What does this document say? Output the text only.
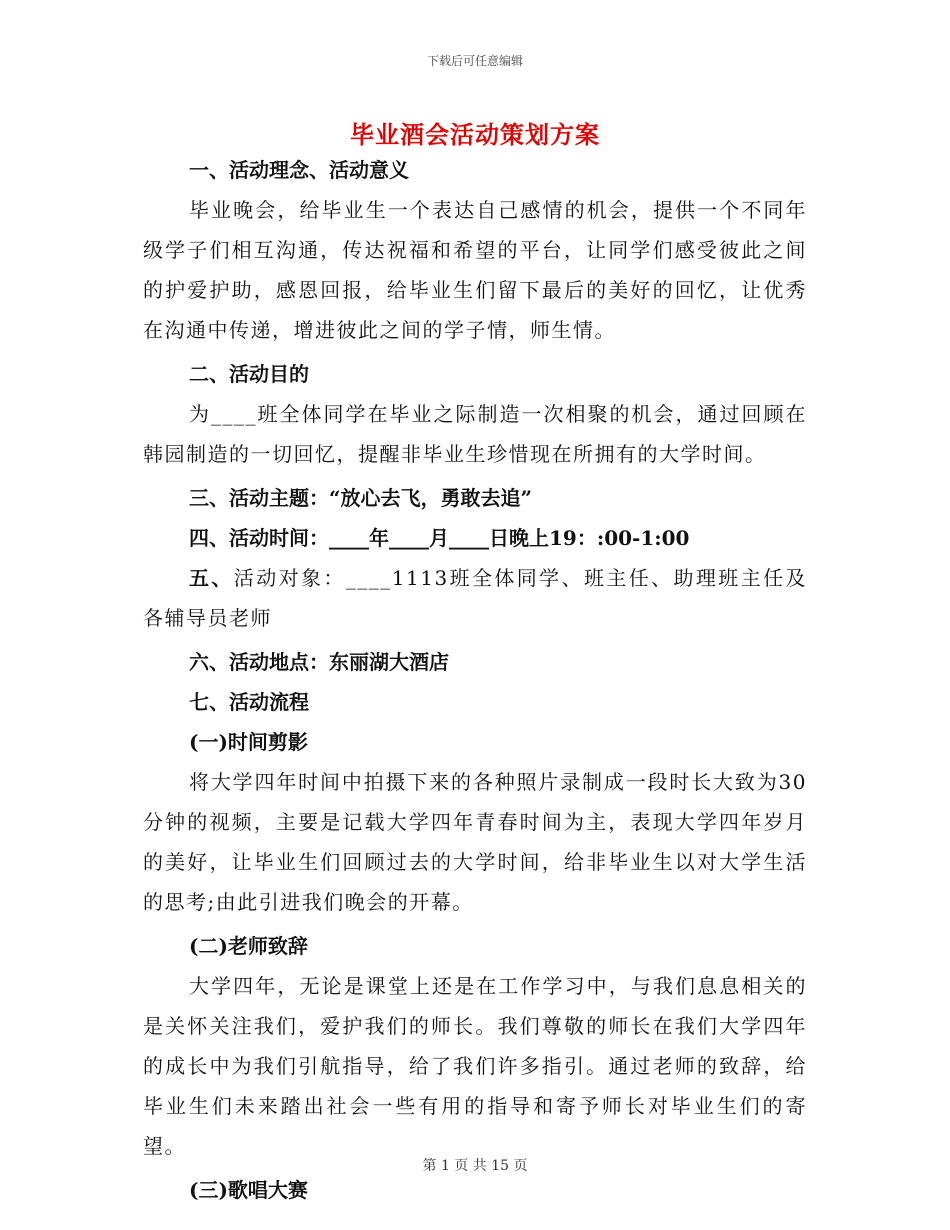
下载后可任意编辑
毕业酒会活动策划方案
一、活动理念、活动意义
毕业晚会，给毕业生一个表达自己感情的机会，提供一个不同年级学子们相互沟通，传达祝福和希望的平台，让同学们感受彼此之间的护爱护助，感恩回报，给毕业生们留下最后的美好的回忆，让优秀在沟通中传递，增进彼此之间的学子情，师生情。
二、活动目的
为____班全体同学在毕业之际制造一次相聚的机会，通过回顾在韩园制造的一切回忆，提醒非毕业生珍惜现在所拥有的大学时间。
三、活动主题：“放心去飞，勇敢去追”
四、活动时间：____年____月____日晚上19：:00-1:00
五、活动对象：____1113班全体同学、班主任、助理班主任及各辅导员老师
六、活动地点：东丽湖大酒店
七、活动流程
(一)时间剪影
将大学四年时间中拍摄下来的各种照片录制成一段时长大致为30分钟的视频，主要是记载大学四年青春时间为主，表现大学四年岁月的美好，让毕业生们回顾过去的大学时间，给非毕业生以对大学生活的思考;由此引进我们晚会的开幕。
(二)老师致辞
大学四年，无论是课堂上还是在工作学习中，与我们息息相关的是关怀关注我们，爱护我们的师长。我们尊敬的师长在我们大学四年的成长中为我们引航指导，给了我们许多指引。通过老师的致辞，给毕业生们未来踏出社会一些有用的指导和寄予师长对毕业生们的寄望。
(三)歌唱大赛
第 1 页 共 15 页
